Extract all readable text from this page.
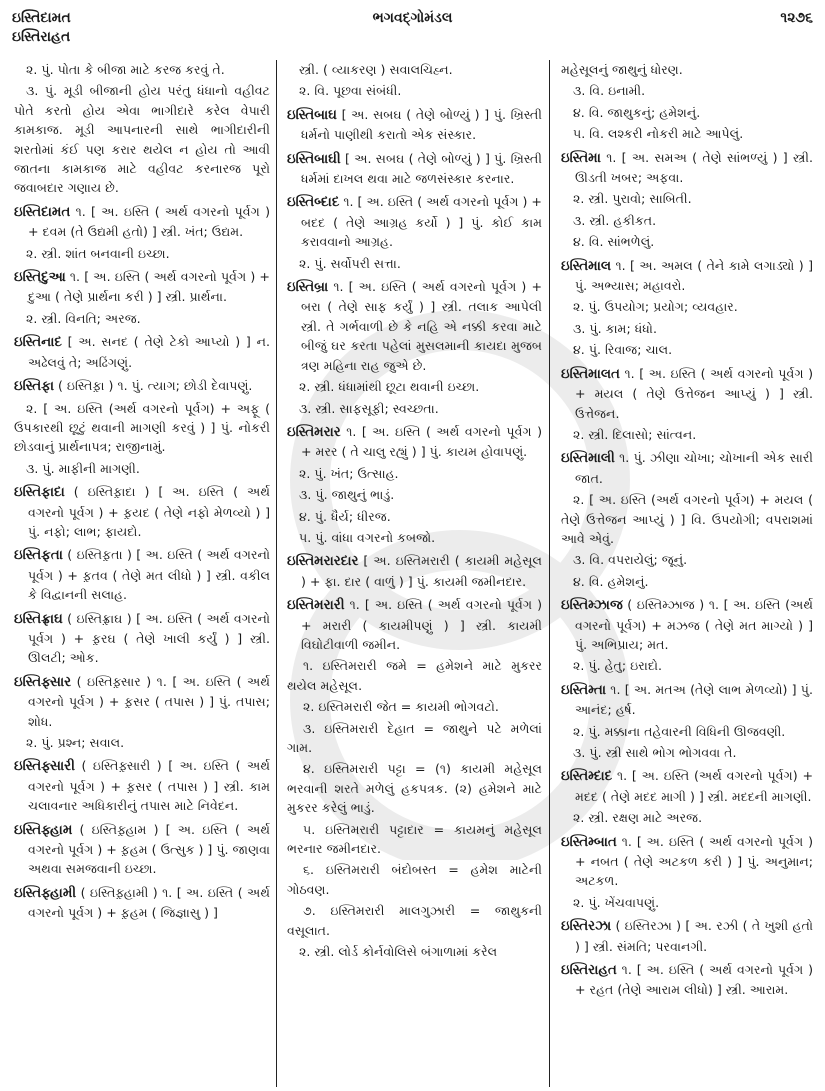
ઇસ્તિદામત
ઇસ્તિરાહત
ભગવદ્ગોમંડલ	૧૨૭૬

૨. પું. પોતા કે બીજા માટે કરજ કરવું તે.

૩. પું. મૂડી બીજાની હોય પરંતુ ધંધાનો વહીવટ પોતે કરતો હોય એવા ભાગીદારે કરેલ વેપારી કામકાજ. મૂડી આપનારની સાથે ભાગીદારીની શરતોમાં કંઈ પણ કરાર થયેલ ન હોય તો આવી જાતના કામકાજ માટે વહીવટ કરનારજ પૂરો જવાબદાર ગણાય છે.

ઇસ્તિદામત ૧. [ અ. ઇસ્તિ ( અર્થ વગરનો પૂર્વગ ) + દવમ (તે ઉદ્યમી હતો) ] સ્ત્રી. ખંત; ઉદ્યમ.

૨. સ્ત્રી. શાંત બનવાની ઇચ્છા.

ઇસ્તિદુઆ ૧. [ અ. ઇસ્તિ ( અર્થ વગરનો પૂર્વગ ) + દુઆ ( તેણે પ્રાર્થના કરી ) ] સ્ત્રી. પ્રાર્થના.

૨. સ્ત્રી. વિનતિ; અરજ.

ઇસ્તિનાદ [ અ. સનદ ( તેણે ટેકો આપ્યો ) ] ન. અઢેલવું તે; અઢિંગણું.

ઇસ્તિફા ( ઇસ્તિફ઼ા ) ૧. પું. ત્યાગ; છોડી દેવાપણું.

૨. [ અ. ઇસ્તિ (અર્થ વગરનો પૂર્વગ) + અફૂ ( ઉપકારથી છૂટું થવાની માગણી કરવું ) ] પું. નોકરી છોડવાનું પ્રાર્થનાપત્ર; રાજીનામું.

૩. પું. માફીની માગણી.

ઇસ્તિફાદા ( ઇસ્તિફ઼ાદા ) [ અ. ઇસ્તિ ( અર્થ વગરનો પૂર્વગ ) + ફ઼યદ ( તેણે નફો મેળવ્યો ) ] પું. નફો; લાભ; ફાયદો.

ઇસ્તિફતા ( ઇસ્તિફ઼તા ) [ અ. ઇસ્તિ ( અર્થ વગરનો પૂર્વગ ) + ફ઼તવ ( તેણે મત લીધો ) ] સ્ત્રી. વકીલ કે વિદ્વાનની સલાહ.

ઇસ્તિફ્રાઘ ( ઇસ્તિફ઼્રાઘ ) [ અ. ઇસ્તિ ( અર્થ વગરનો પૂર્વગ ) + ફ઼રઘ ( તેણે ખાલી કર્યું ) ] સ્ત્રી. ઊલટી; ઓક.

ઇસ્તિફ્સાર ( ઇસ્તિફ઼્સાર ) ૧. [ અ. ઇસ્તિ ( અર્થ વગરનો પૂર્વગ ) + ફ઼સર ( તપાસ ) ] પું. તપાસ; શોધ.

૨. પું. પ્રશ્ન; સવાલ.

ઇસ્તિફ્સારી ( ઇસ્તિફ઼્સારી ) [ અ. ઇસ્તિ ( અર્થ વગરનો પૂર્વગ ) + ફ઼સર ( તપાસ ) ] સ્ત્રી. કામ ચલાવનાર અધિકારીનું તપાસ માટે નિવેદન.

ઇસ્તિફ્હામ ( ઇસ્તિફ઼્હામ ) [ અ. ઇસ્તિ ( અર્થ વગરનો પૂર્વગ ) + ફ઼હમ ( ઉત્સુક ) ] પું. જાણવા અથવા સમજવાની ઇચ્છા.

ઇસ્તિફ્હામી ( ઇસ્તિફ઼્હામી ) ૧. [ અ. ઇસ્તિ ( અર્થ વગરનો પૂર્વગ ) + ફ઼હમ ( જિજ્ઞાસુ ) ]

સ્ત્રી. ( વ્યાકરણ ) સવાલચિહ્ન.

૨. વિ. પૂછવા સંબંધી.

ઇસ્તિબાઘ [ અ. સબઘ ( તેણે બોળ્યું ) ] પું. ખ્રિસ્તી ધર્મનો પાણીથી કરાતો એક સંસ્કાર.

ઇસ્તિબાઘી [ અ. સબઘ ( તેણે બોળ્યું ) ] પું. ખ્રિસ્તી ધર્મમાં દાખલ થવા માટે જળસંસ્કાર કરનાર.

ઇસ્તિબ્દાદ ૧. [ અ. ઇસ્તિ ( અર્થ વગરનો પૂર્વગ ) + બદદ ( તેણે આગ્રહ કર્યો ) ] પું. કોઈ કામ કરાવવાનો આગ્રહ.

૨. પું. સર્વોપરી સત્તા.

ઇસ્તિબ્રા ૧. [ અ. ઇસ્તિ ( અર્થ વગરનો પૂર્વગ ) + બરા ( તેણે સાફ કર્યું ) ] સ્ત્રી. તલાક આપેલી સ્ત્રી. તે ગર્ભવાળી છે કે નહિ એ નક્કી કરવા માટે બીજું ઘર કરતા પહેલાં મુસલમાની કાયદા મુજબ ત્રણ મહિના રાહ જુએ છે.

૨. સ્ત્રી. ધંધામાંથી છૂટા થવાની ઇચ્છા.

૩. સ્ત્રી. સાફસૂફી; સ્વચ્છતા.

ઇસ્તિમરાર ૧. [ અ. ઇસ્તિ ( અર્થ વગરનો પૂર્વગ ) + મરર ( તે ચાલુ રહ્યું ) ] પું. કાયમ હોવાપણું.

૨. પું. ખંત; ઉત્સાહ.

૩. પું. જાથુનું ભાડું.

૪. પું. ધૈર્ય; ધીરજ.

૫. પું. વાંધા વગરનો કબજો.

ઇસ્તિમરારદાર [ અ. ઇસ્તિમરારી ( કાયમી મહેસૂલ ) + ફા. દાર ( વાળું ) ] પું. કાયમી જમીનદાર.

ઇસ્તિમરારી ૧. [ અ. ઇસ્તિ ( અર્થ વગરનો પૂર્વગ ) + મરારી ( કાયમીપણું ) ] સ્ત્રી. કાયમી વિઘોટીવાળી જમીન.

૧. ઇસ્તિમરારી જમે = હમેશને માટે મુકરર થયેલ મહેસૂલ.

૨. ઇસ્તિમરારી જેત = કાયમી ભોગવટો.

૩. ઇસ્તિમરારી દેહાત = જાથુને પટે મળેલાં ગામ.

૪. ઇસ્તિમરારી પટ્ટા = (૧) કાયમી મહેસૂલ ભરવાની શરતે મળેલું હકપત્રક. (૨) હમેશને માટે મુકરર કરેલું ભાડું.

૫. ઇસ્તિમરારી પટ્ટાદાર = કાયમનું મહેસૂલ ભરનાર જમીનદાર.

૬. ઇસ્તિમરારી બંદોબસ્ત = હમેશ માટેની ગોઠવણ.

૭. ઇસ્તિમરારી માલગુઝારી = જાથુકની વસૂલાત.

૨. સ્ત્રી. લોર્ડ કોર્નવોલિસે બંગાળામાં કરેલ

મહેસૂલનું જાથુનું ધોરણ.

૩. વિ. ઇનામી.

૪. વિ. જાથુકનું; હમેશનું.

૫. વિ. લશ્કરી નોકરી માટે આપેલું.

ઇસ્તિમા ૧. [ અ. સમઅ ( તેણે સાંભળ્યું ) ] સ્ત્રી. ઊડતી ખબર; અફવા.

૨. સ્ત્રી. પુરાવો; સાબિતી.

૩. સ્ત્રી. હકીકત.

૪. વિ. સાંભળેલું.

ઇસ્તિમાલ ૧. [ અ. અમલ ( તેને કામે લગાડ્યો ) ] પું. અભ્યાસ; મહાવરો.

૨. પું. ઉપયોગ; પ્રયોગ; વ્યવહાર.

૩. પું. કામ; ધંધો.

૪. પું. રિવાજ; ચાલ.

ઇસ્તિમાલત ૧. [ અ. ઇસ્તિ ( અર્થ વગરનો પૂર્વગ ) + મયલ ( તેણે ઉત્તેજન આપ્યું ) ] સ્ત્રી. ઉત્તેજન.

૨. સ્ત્રી. દિલાસો; સાંત્વન.

ઇસ્તિમાલી ૧. પું. ઝીણા ચોખા; ચોખાની એક સારી જાત.

૨. [ અ. ઇસ્તિ (અર્થ વગરનો પૂર્વગ) + મયલ ( તેણે ઉત્તેજન આપ્યું ) ] વિ. ઉપયોગી; વપરાશમાં આવે એવું.

૩. વિ. વપરાયેલું; જૂનું.

૪. વિ. હમેશનું.

ઇસ્તિમ્ઝાજ ( ઇસ્તિમ્ઝાજ ) ૧. [ અ. ઇસ્તિ (અર્થ વગરનો પૂર્વગ) + મઝજ ( તેણે મત માગ્યો ) ] પું. અભિપ્રાય; મત.

૨. પું. હેતુ; ઇરાદો.

ઇસ્તિમ્તા ૧. [ અ. મતઅ (તેણે લાભ મેળવ્યો) ] પું. આનંદ; હર્ષ.

૨. પું. મક્કાના તહેવારની વિધિની ઊજવણી.

૩. પું. સ્ત્રી સાથે ભોગ ભોગવવા તે.

ઇસ્તિમ્દાદ ૧. [ અ. ઇસ્તિ (અર્થ વગરનો પૂર્વગ) + મદદ ( તેણે મદદ માગી ) ] સ્ત્રી. મદદની માગણી.

૨. સ્ત્રી. રક્ષણ માટે અરજ.

ઇસ્તિમ્બાત ૧. [ અ. ઇસ્તિ ( અર્થ વગરનો પૂર્વગ ) + નબત ( તેણે અટકળ કરી ) ] પું. અનુમાન; અટકળ.

૨. પું. ખેંચવાપણું.

ઇસ્તિરઝા ( ઇસ્તિરઝા ) [ અ. રઝી ( તે ખુશી હતો ) ] સ્ત્રી. સંમતિ; પરવાનગી.

ઇસ્તિરાહત ૧. [ અ. ઇસ્તિ ( અર્થ વગરનો પૂર્વગ ) + રહત (તેણે આરામ લીધો) ] સ્ત્રી. આરામ.
